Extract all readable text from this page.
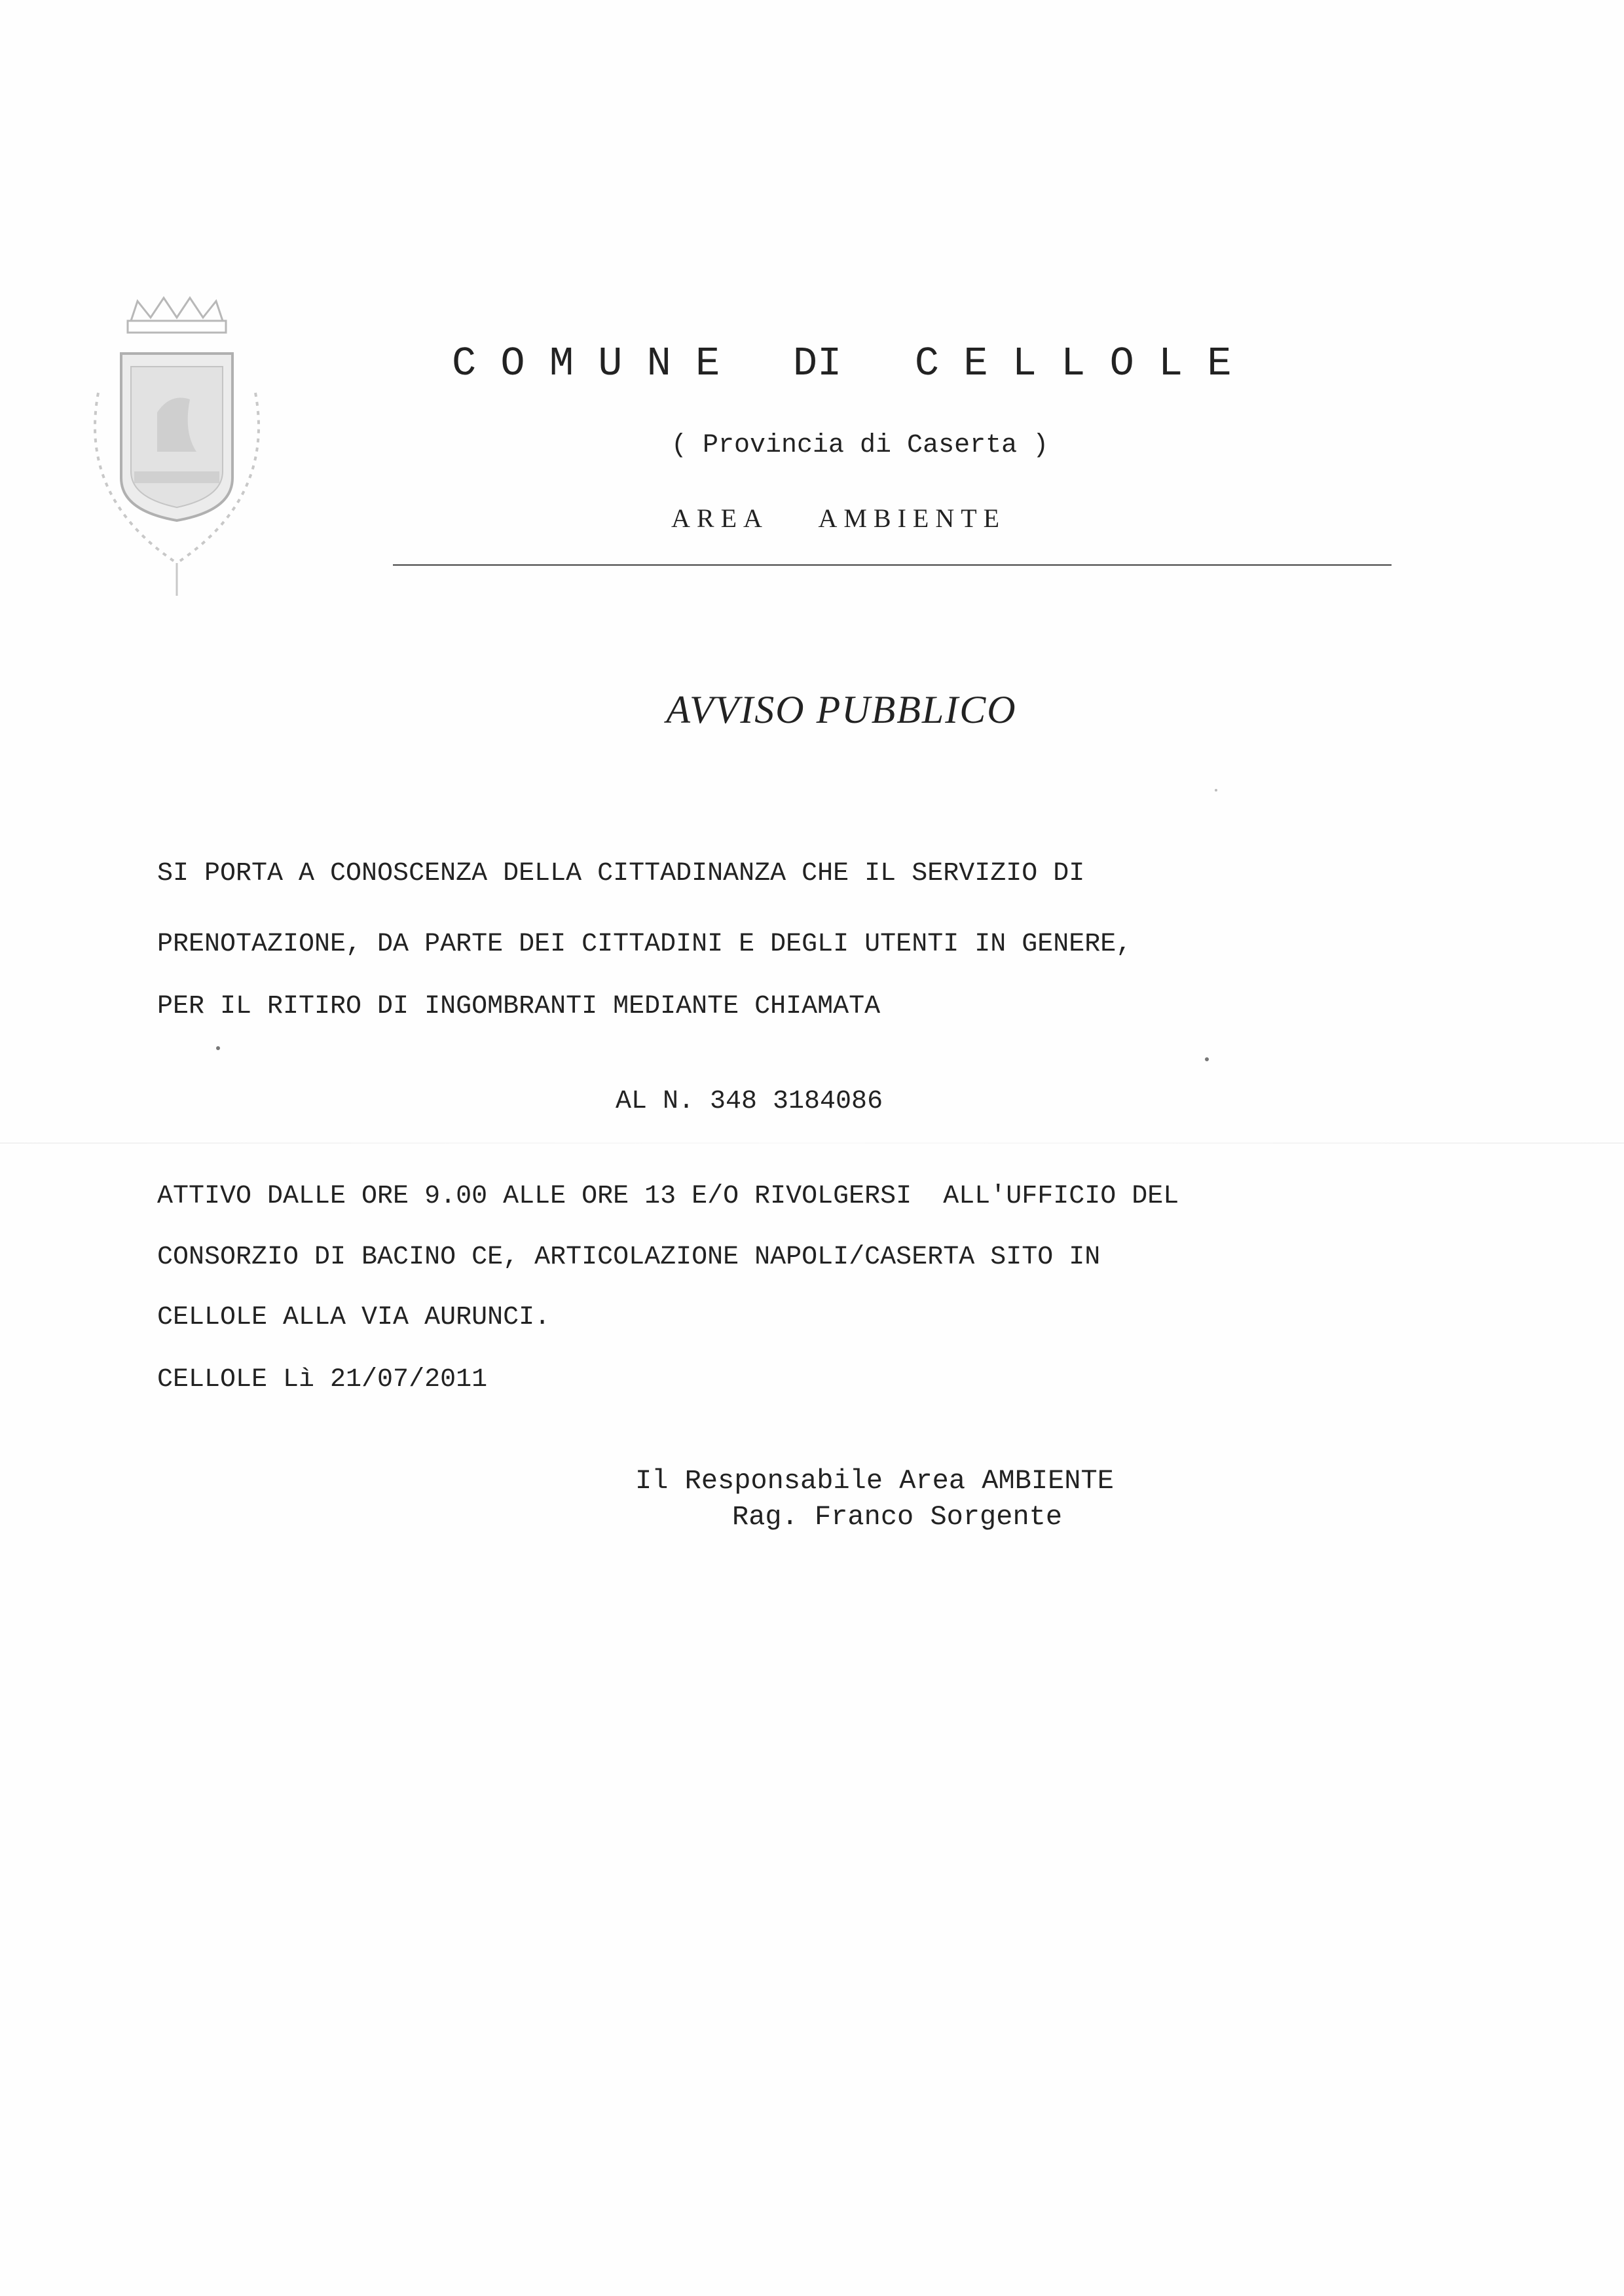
C O M U N E   DI   C E L L O L E
( Provincia di Caserta )
AREA    AMBIENTE
AVVISO PUBBLICO
SI PORTA A CONOSCENZA DELLA CITTADINANZA CHE IL SERVIZIO DI
PRENOTAZIONE, DA PARTE DEI CITTADINI E DEGLI UTENTI IN GENERE,
PER IL RITIRO DI INGOMBRANTI MEDIANTE CHIAMATA
AL N. 348 3184086
ATTIVO DALLE ORE 9.00 ALLE ORE 13 E/O RIVOLGERSI  ALL'UFFICIO DEL
CONSORZIO DI BACINO CE, ARTICOLAZIONE NAPOLI/CASERTA SITO IN
CELLOLE ALLA VIA AURUNCI.
CELLOLE Lì 21/07/2011
Il Responsabile Area AMBIENTE
Rag. Franco Sorgente
